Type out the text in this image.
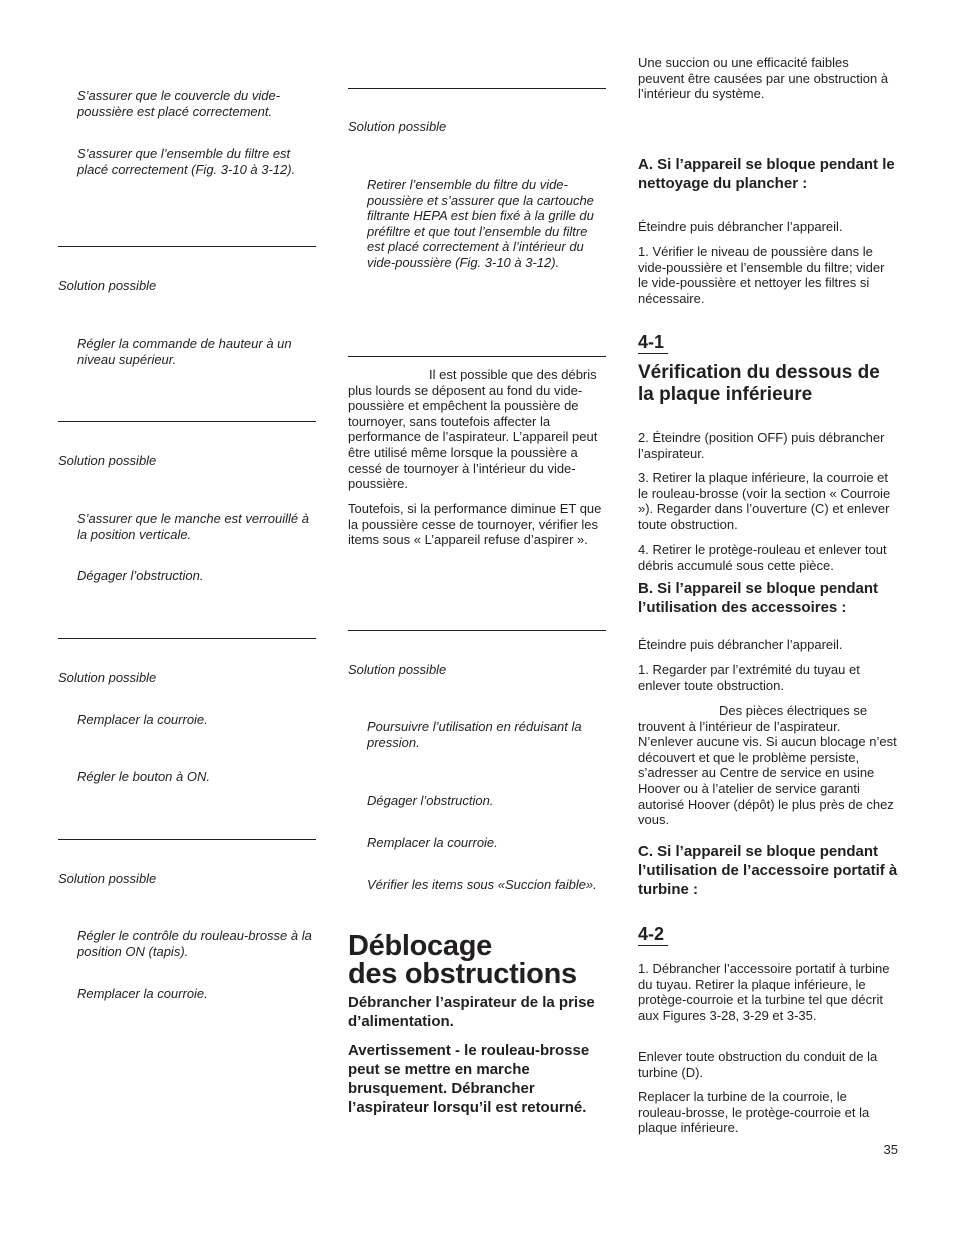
S’assurer que le couvercle du vide-poussière est placé correctement.
S’assurer que l’ensemble du filtre est placé correctement (Fig. 3-10 à 3-12).
Solution possible
Régler la commande de hauteur à un niveau supérieur.
Solution possible
S’assurer que le manche est verrouillé à la position verticale.
Dégager l’obstruction.
Solution possible
Remplacer la courroie.
Régler le bouton à ON.
Solution possible
Régler le contrôle du rouleau-brosse à la position ON (tapis).
Remplacer la courroie.
Solution possible
Retirer l’ensemble du filtre du vide-poussière et s’assurer que la cartouche filtrante HEPA est bien fixé à la grille du préfiltre et que tout l’ensemble du filtre est placé correctement à l’intérieur du vide-poussière (Fig. 3-10 à 3-12).
Il est possible que des débris plus lourds se déposent au fond du vide-poussière et empêchent la poussière de tournoyer, sans toutefois affecter la performance de l’aspirateur. L’appareil peut être utilisé même lorsque la poussière a cessé de tournoyer à l’intérieur du vide-poussière.
Toutefois, si la performance diminue ET que la poussière cesse de tournoyer, vérifier les items sous « L’appareil refuse d’aspirer ».
Solution possible
Poursuivre l’utilisation en réduisant la pression.
Dégager l’obstruction.
Remplacer la courroie.
Vérifier les items sous «Succion faible».
Déblocage
des obstructions
Débrancher l’aspirateur de la prise d’alimentation.
Avertissement - le rouleau-brosse peut se mettre en marche brusquement. Débrancher l’aspirateur lorsqu’il est retourné.
Une succion ou une efficacité faibles peuvent être causées par une obstruction à l’intérieur du système.
A. Si l’appareil se bloque pendant le nettoyage du plancher :
Éteindre puis débrancher l’appareil.
1. Vérifier le niveau de poussière dans le vide-poussière et l’ensemble du filtre; vider le vide-poussière et nettoyer les filtres si nécessaire.
4-1
Vérification du dessous de la plaque inférieure
2. Éteindre (position OFF) puis débrancher l’aspirateur.
3. Retirer la plaque inférieure, la courroie et le rouleau-brosse (voir la section « Courroie »). Regarder dans l’ouverture (C) et enlever toute obstruction.
4. Retirer le protège-rouleau et enlever tout débris accumulé sous cette pièce.
B. Si l’appareil se bloque pendant l’utilisation des accessoires :
Éteindre puis débrancher l’appareil.
1. Regarder par l’extrémité du tuyau et enlever toute obstruction.
Des pièces électriques se trouvent à l’intérieur de l’aspirateur. N’enlever aucune vis. Si aucun blocage n’est découvert et que le problème persiste, s’adresser au Centre de service en usine Hoover ou à l’atelier de service garanti autorisé Hoover (dépôt) le plus près de chez vous.
C. Si l’appareil se bloque pendant l’utilisation de l’accessoire portatif à turbine :
4-2
1. Débrancher l’accessoire portatif à turbine du tuyau. Retirer la plaque inférieure, le protège-courroie et la turbine tel que décrit aux Figures 3-28, 3-29 et 3-35.
Enlever toute obstruction du conduit de la turbine (D).
Replacer la turbine de la courroie, le rouleau-brosse, le protège-courroie et la plaque inférieure.
35
